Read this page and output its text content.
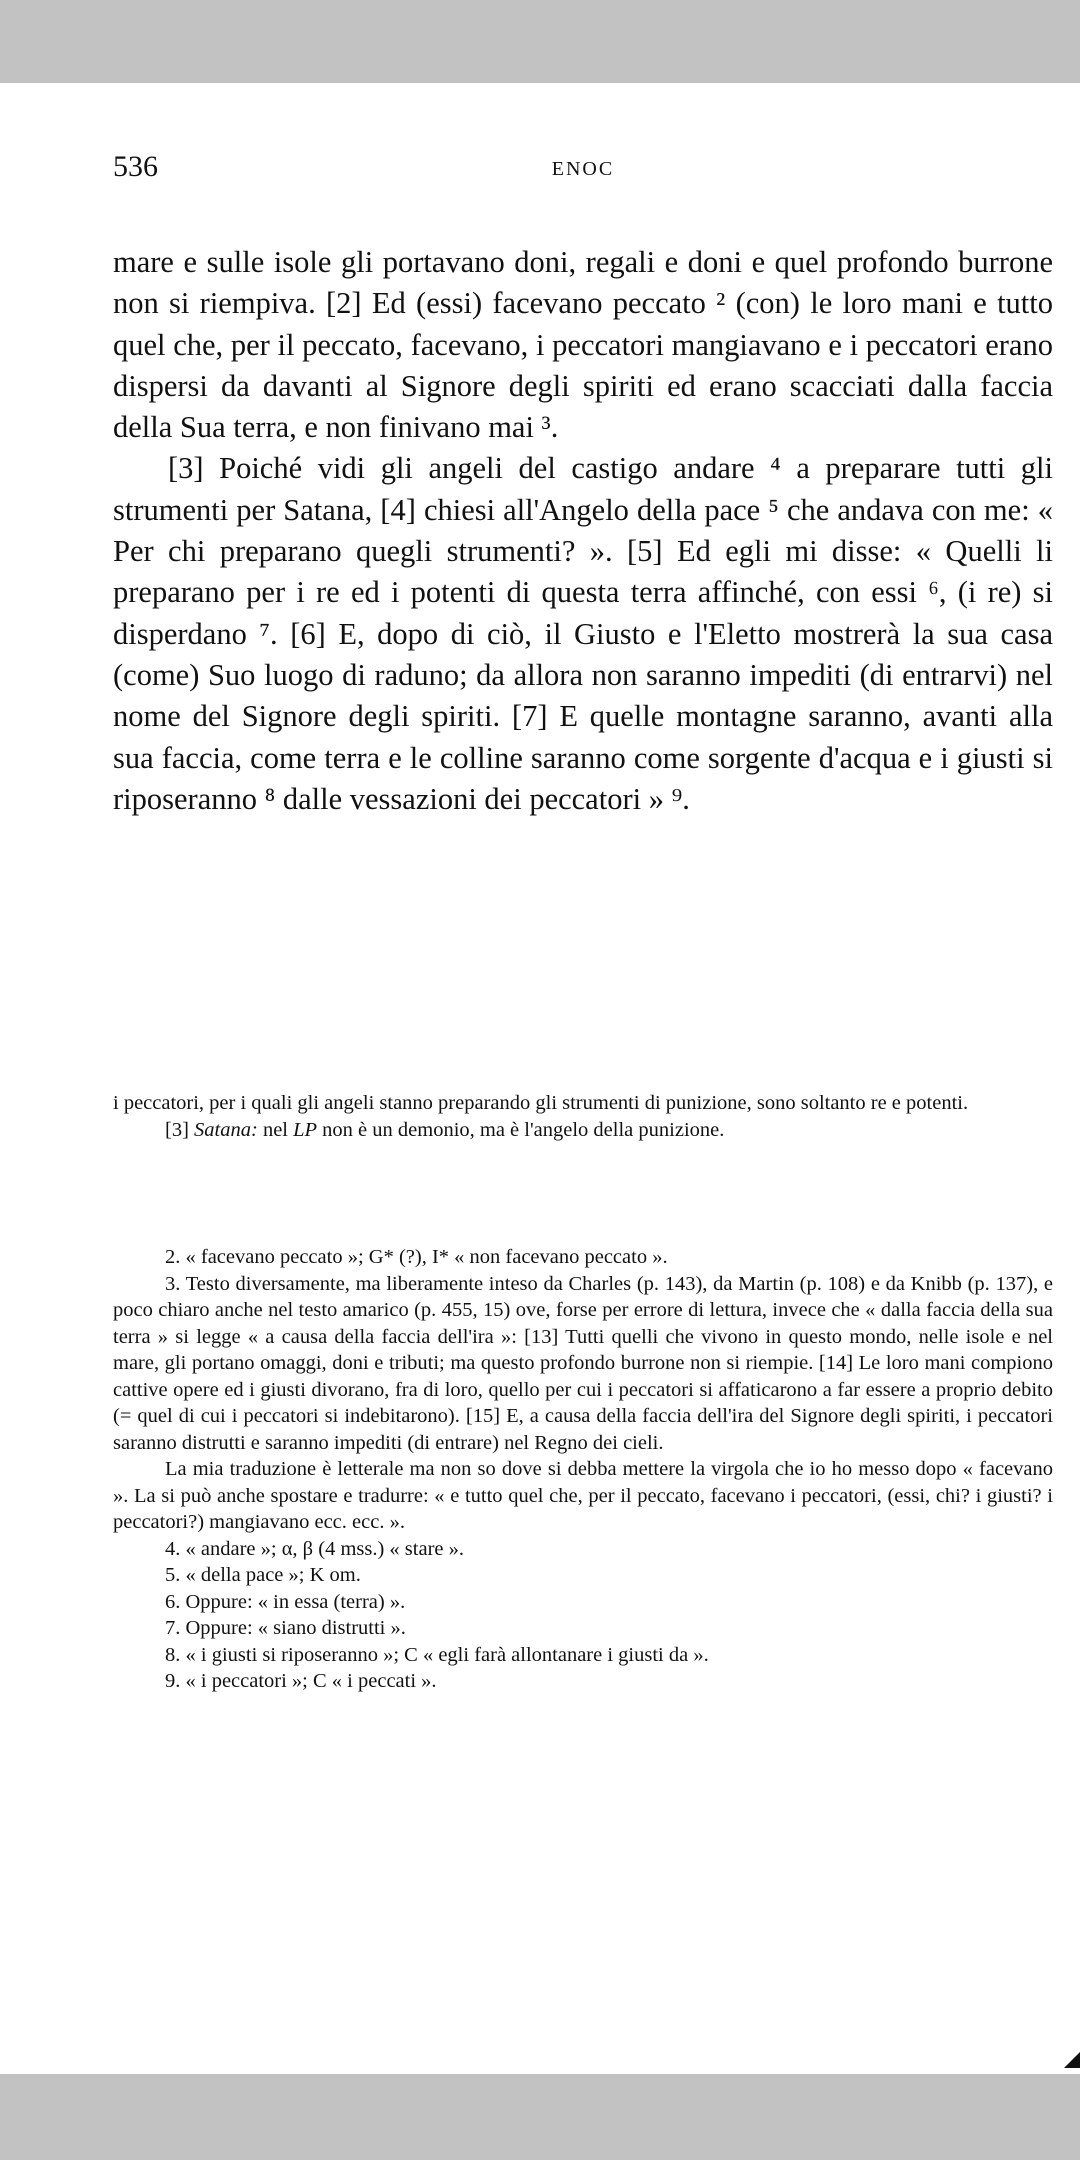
536	ENOC

mare e sulle isole gli portavano doni, regali e doni e quel profondo burrone non si riempiva. [2] Ed (essi) facevano peccato ² (con) le loro mani e tutto quel che, per il peccato, facevano, i peccatori mangiavano e i peccatori erano dispersi da davanti al Signore degli spiriti ed erano scacciati dalla faccia della Sua terra, e non finivano mai ³.

[3] Poiché vidi gli angeli del castigo andare ⁴ a preparare tutti gli strumenti per Satana, [4] chiesi all'Angelo della pace ⁵ che andava con me: « Per chi preparano quegli strumenti? ». [5] Ed egli mi disse: « Quelli li preparano per i re ed i potenti di questa terra affinché, con essi ⁶, (i re) si disperdano ⁷. [6] E, dopo di ciò, il Giusto e l'Eletto mostrerà la sua casa (come) Suo luogo di raduno; da allora non saranno impediti (di entrarvi) nel nome del Signore degli spiriti. [7] E quelle montagne saranno, avanti alla sua faccia, come terra e le colline saranno come sorgente d'acqua e i giusti si riposeranno ⁸ dalle vessazioni dei peccatori » ⁹.

i peccatori, per i quali gli angeli stanno preparando gli strumenti di punizione, sono soltanto re e potenti.

[3] Satana: nel LP non è un demonio, ma è l'angelo della punizione.

2. « facevano peccato »; G* (?), I* « non facevano peccato ».

3. Testo diversamente, ma liberamente inteso da Charles (p. 143), da Martin (p. 108) e da Knibb (p. 137), e poco chiaro anche nel testo amarico (p. 455, 15) ove, forse per errore di lettura, invece che « dalla faccia della sua terra » si legge « a causa della faccia dell'ira »: [13] Tutti quelli che vivono in questo mondo, nelle isole e nel mare, gli portano omaggi, doni e tributi; ma questo profondo burrone non si riempie. [14] Le loro mani compiono cattive opere ed i giusti divorano, fra di loro, quello per cui i peccatori si affaticarono a far essere a proprio debito (= quel di cui i peccatori si indebitarono). [15] E, a causa della faccia dell'ira del Signore degli spiriti, i peccatori saranno distrutti e saranno impediti (di entrare) nel Regno dei cieli.

La mia traduzione è letterale ma non so dove si debba mettere la virgola che io ho messo dopo « facevano ». La si può anche spostare e tradurre: « e tutto quel che, per il peccato, facevano i peccatori, (essi, chi? i giusti? i peccatori?) mangiavano ecc. ecc. ».

4. « andare »; α, β (4 mss.) « stare ».

5. « della pace »; K om.

6. Oppure: « in essa (terra) ».

7. Oppure: « siano distrutti ».

8. « i giusti si riposeranno »; C « egli farà allontanare i giusti da ».

9. « i peccatori »; C « i peccati ».
